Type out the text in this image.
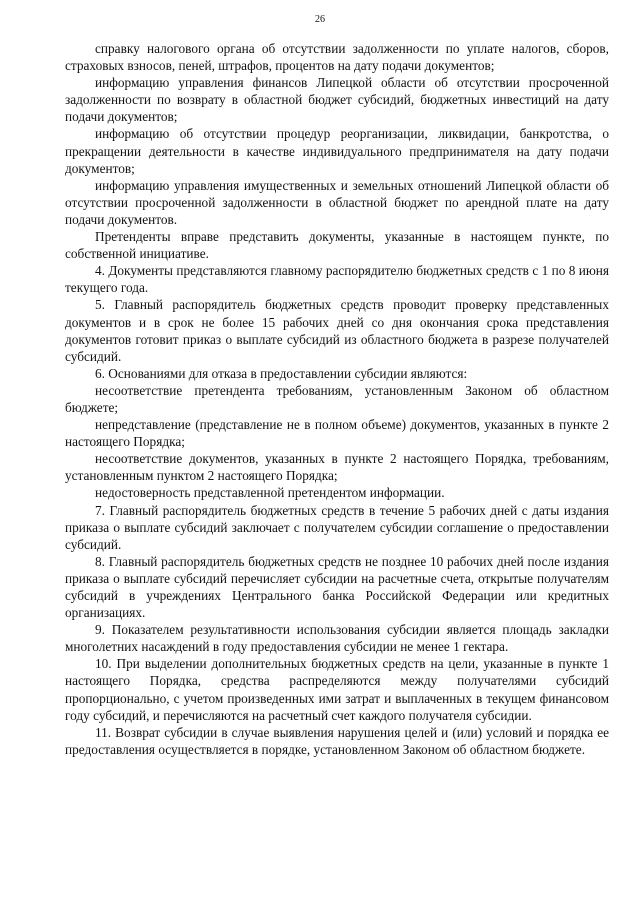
26

справку налогового органа об отсутствии задолженности по уплате налогов, сборов, страховых взносов, пеней, штрафов, процентов на дату подачи документов;

информацию управления финансов Липецкой области об отсутствии просроченной задолженности по возврату в областной бюджет субсидий, бюджетных инвестиций на дату подачи документов;

информацию об отсутствии процедур реорганизации, ликвидации, банкротства, о прекращении деятельности в качестве индивидуального предпринимателя на дату подачи документов;

информацию управления имущественных и земельных отношений Липецкой области об отсутствии просроченной задолженности в областной бюджет по арендной плате на дату подачи документов.

Претенденты вправе представить документы, указанные в настоящем пункте, по собственной инициативе.

4. Документы представляются главному распорядителю бюджетных средств с 1 по 8 июня текущего года.

5. Главный распорядитель бюджетных средств проводит проверку представленных документов и в срок не более 15 рабочих дней со дня окончания срока представления документов готовит приказ о выплате субсидий из областного бюджета в разрезе получателей субсидий.

6. Основаниями для отказа в предоставлении субсидии являются:

несоответствие претендента требованиям, установленным Законом об областном бюджете;

непредставление (представление не в полном объеме) документов, указанных в пункте 2 настоящего Порядка;

несоответствие документов, указанных в пункте 2 настоящего Порядка, требованиям, установленным пунктом 2 настоящего Порядка;

недостоверность представленной претендентом информации.

7. Главный распорядитель бюджетных средств в течение 5 рабочих дней с даты издания приказа о выплате субсидий заключает с получателем субсидии соглашение о предоставлении субсидий.

8. Главный распорядитель бюджетных средств не позднее 10 рабочих дней после издания приказа о выплате субсидий перечисляет субсидии на расчетные счета, открытые получателям субсидий в учреждениях Центрального банка Российской Федерации или кредитных организациях.

9. Показателем результативности использования субсидии является площадь закладки многолетних насаждений в году предоставления субсидии не менее 1 гектара.

10. При выделении дополнительных бюджетных средств на цели, указанные в пункте 1 настоящего Порядка, средства распределяются между получателями субсидий пропорционально, с учетом произведенных ими затрат и выплаченных в текущем финансовом году субсидий, и перечисляются на расчетный счет каждого получателя субсидии.

11. Возврат субсидии в случае выявления нарушения целей и (или) условий и порядка ее предоставления осуществляется в порядке, установленном Законом об областном бюджете.
